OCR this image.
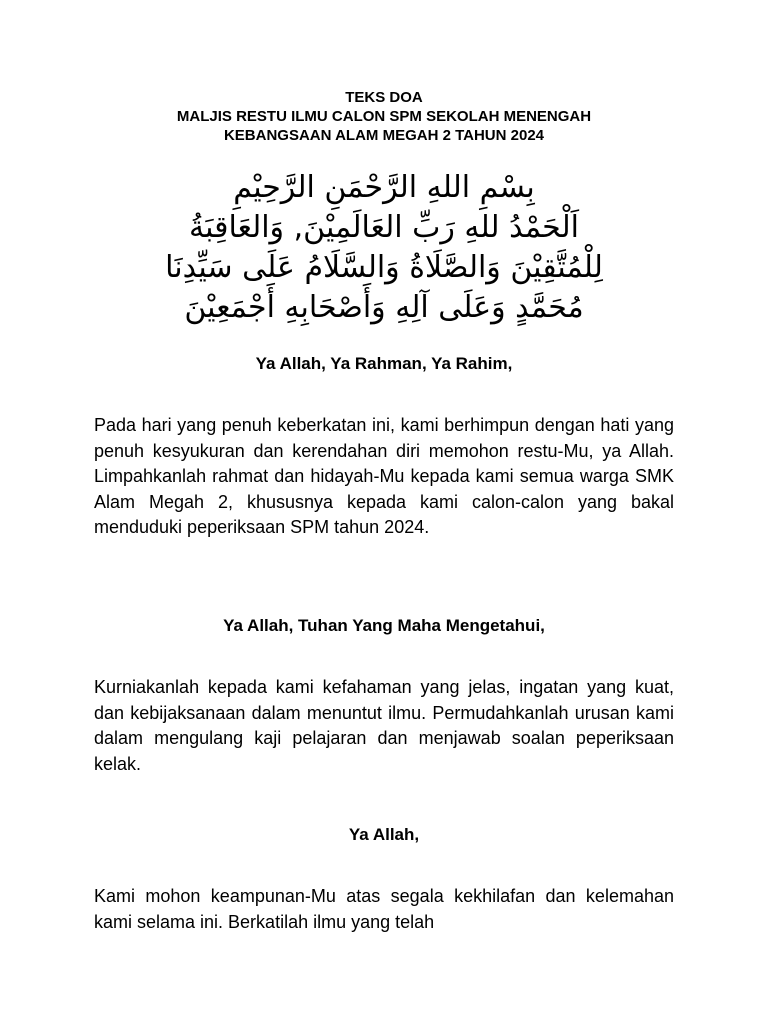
TEKS DOA
MALJIS RESTU ILMU CALON SPM SEKOLAH MENENGAH
KEBANGSAAN ALAM MEGAH 2 TAHUN 2024
بِسْمِ اللهِ الرَّحْمَنِ الرَّحِيْمِ
اَلْحَمْدُ للهِ رَبِّ العَالَمِيْنَ, وَالعَاقِبَةُ
لِلْمُتَّقِيْنَ وَالصَّلَاةُ وَالسَّلَامُ عَلَى سَيِّدِنَا
مُحَمَّدٍ وَعَلَى آلِهِ وَأَصْحَابِهِ أَجْمَعِيْنَ
Ya Allah, Ya Rahman, Ya Rahim,
Pada hari yang penuh keberkatan ini, kami berhimpun dengan hati yang penuh kesyukuran dan kerendahan diri memohon restu-Mu, ya Allah. Limpahkanlah rahmat dan hidayah-Mu kepada kami semua warga SMK Alam Megah 2, khususnya kepada kami calon-calon yang bakal menduduki peperiksaan SPM tahun 2024.
Ya Allah, Tuhan Yang Maha Mengetahui,
Kurniakanlah kepada kami kefahaman yang jelas, ingatan yang kuat, dan kebijaksanaan dalam menuntut ilmu. Permudahkanlah urusan kami dalam mengulang kaji pelajaran dan menjawab soalan peperiksaan kelak.
Ya Allah,
Kami mohon keampunan-Mu atas segala kekhilafan dan kelemahan kami selama ini. Berkatilah ilmu yang telah
